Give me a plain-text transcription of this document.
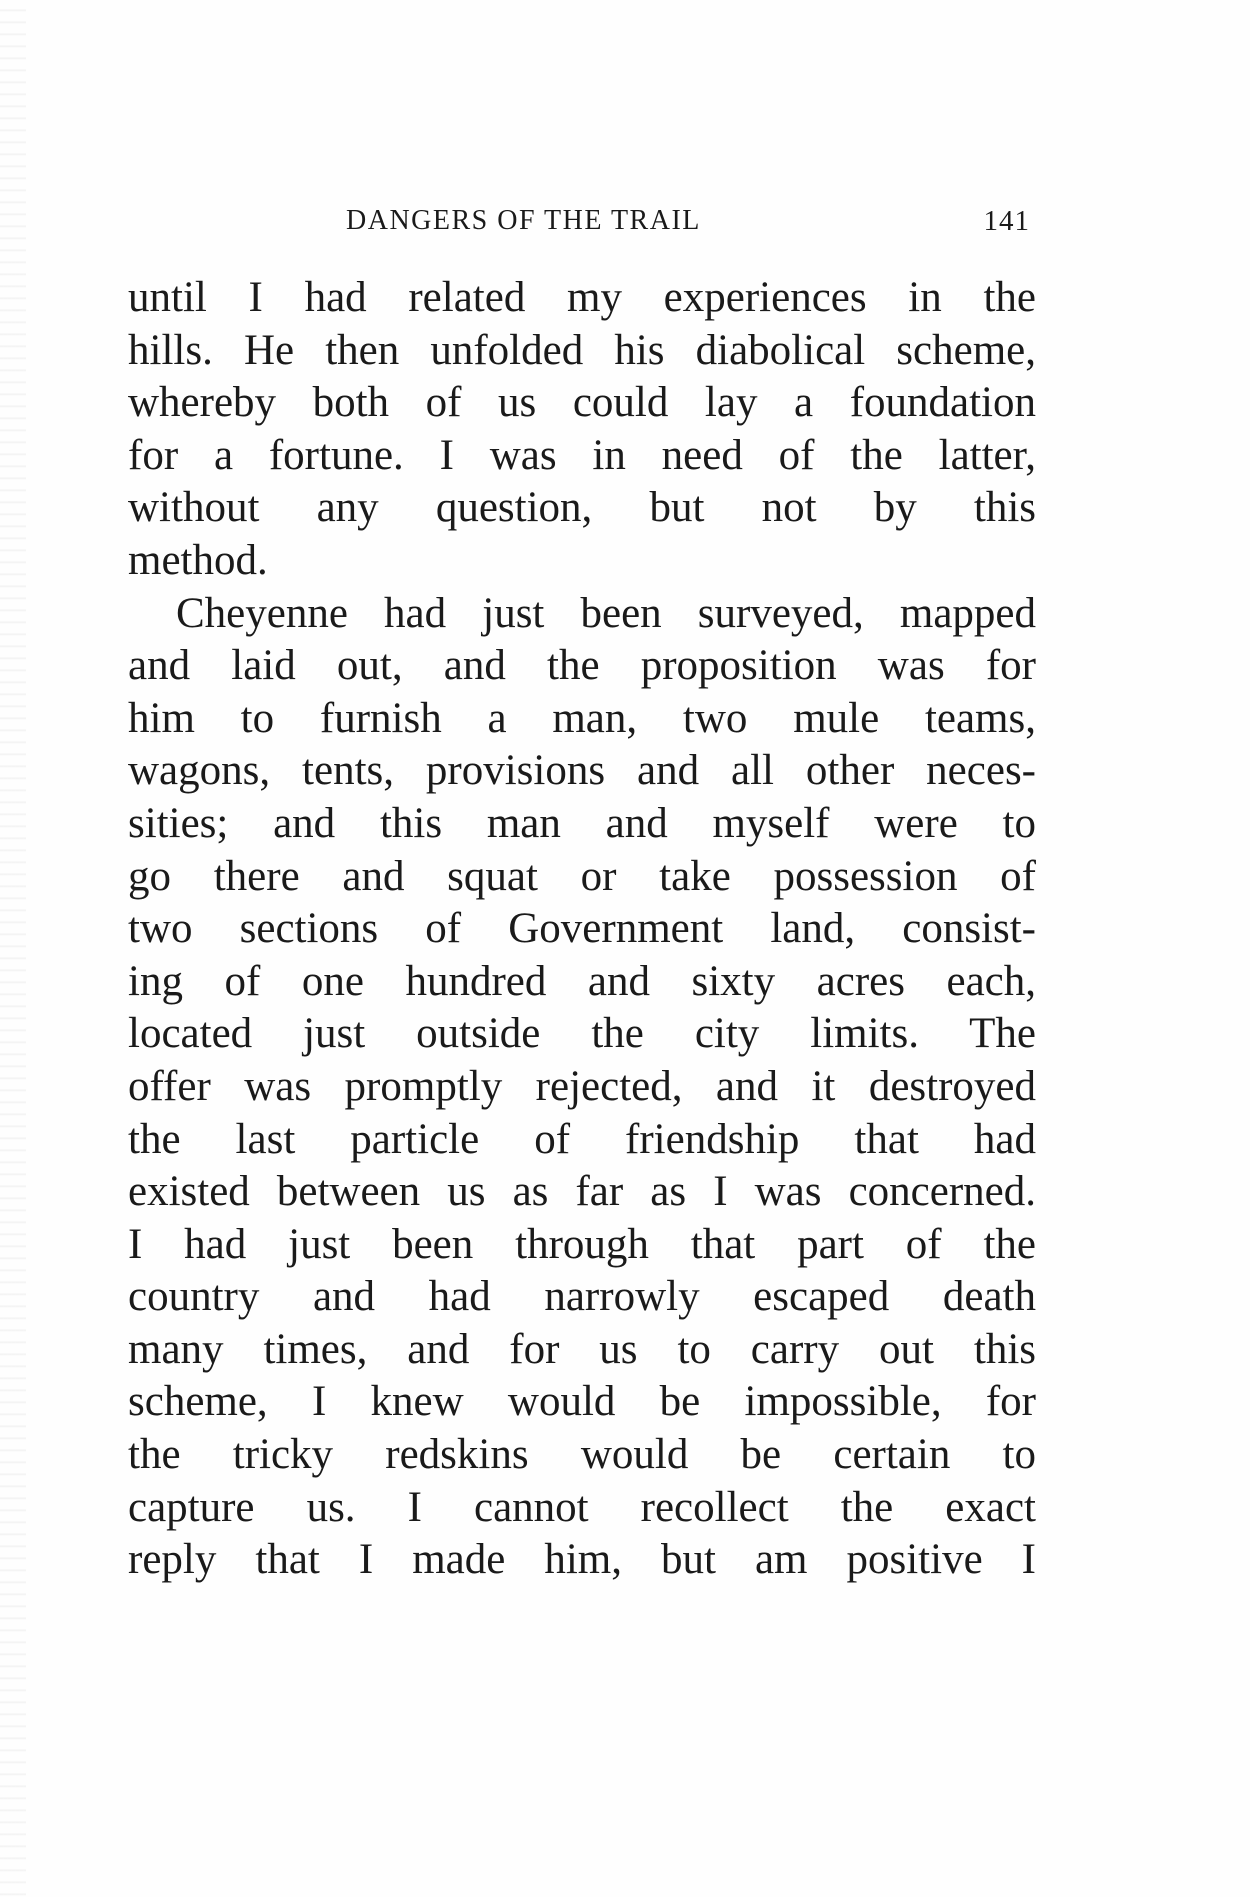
DANGERS OF THE TRAIL	141
until I had related my experiences in the
hills. He then unfolded his diabolical scheme,
whereby both of us could lay a foundation
for a fortune. I was in need of the latter,
without any question, but not by this
method.
Cheyenne had just been surveyed, mapped
and laid out, and the proposition was for
him to furnish a man, two mule teams,
wagons, tents, provisions and all other neces-
sities; and this man and myself were to
go there and squat or take possession of
two sections of Government land, consist-
ing of one hundred and sixty acres each,
located just outside the city limits. The
offer was promptly rejected, and it destroyed
the last particle of friendship that had
existed between us as far as I was concerned.
I had just been through that part of the
country and had narrowly escaped death
many times, and for us to carry out this
scheme, I knew would be impossible, for
the tricky redskins would be certain to
capture us. I cannot recollect the exact
reply that I made him, but am positive I
